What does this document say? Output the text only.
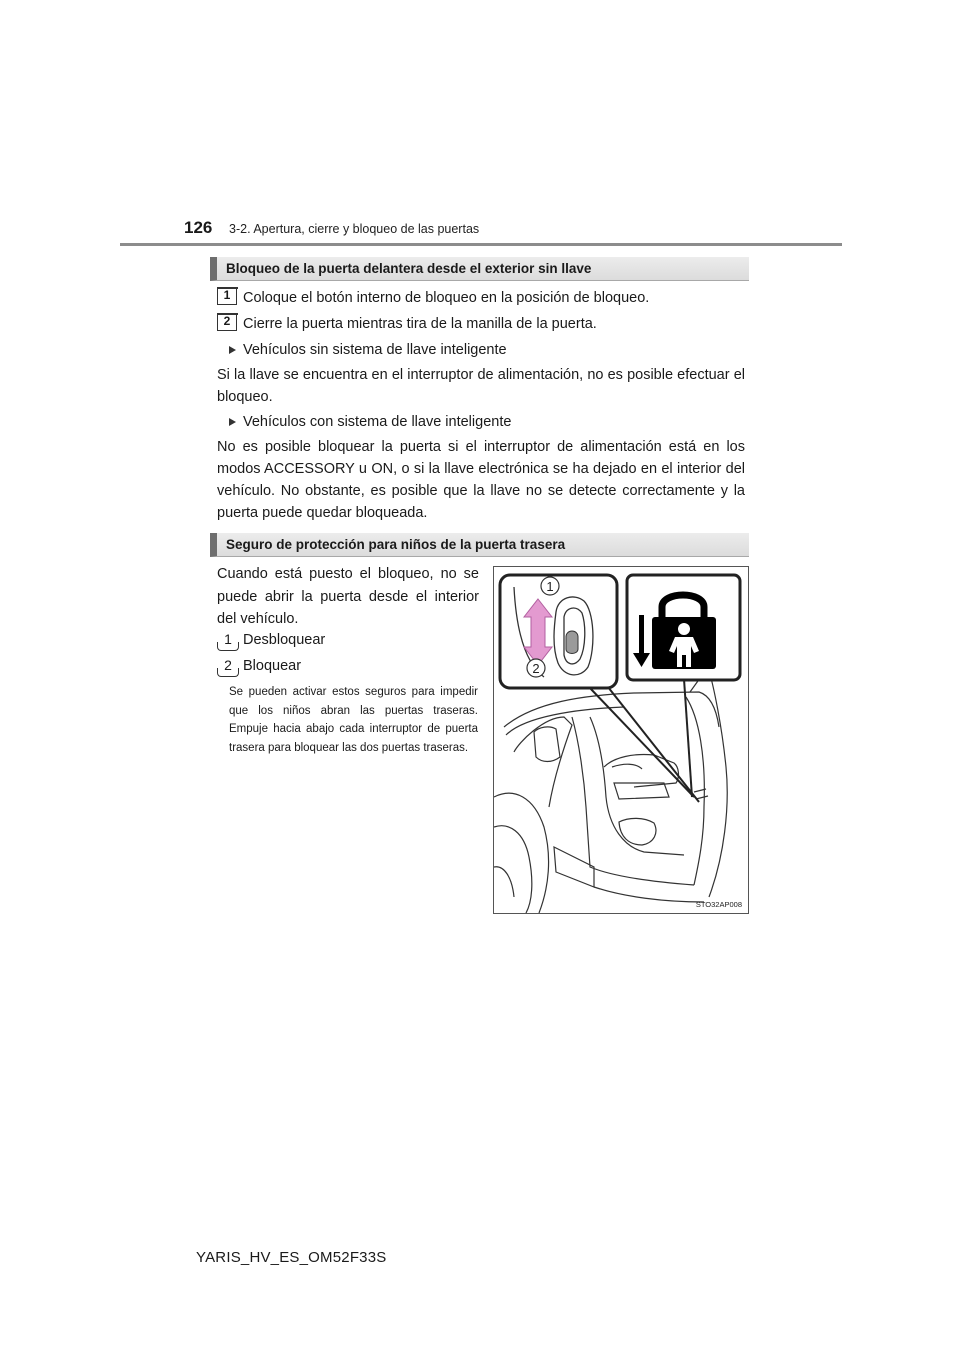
126 3-2. Apertura, cierre y bloqueo de las puertas
Bloqueo de la puerta delantera desde el exterior sin llave
1 Coloque el botón interno de bloqueo en la posición de bloqueo.
2 Cierre la puerta mientras tira de la manilla de la puerta.
Vehículos sin sistema de llave inteligente
Si la llave se encuentra en el interruptor de alimentación, no es posible efectuar el bloqueo.
Vehículos con sistema de llave inteligente
No es posible bloquear la puerta si el interruptor de alimentación está en los modos ACCESSORY u ON, o si la llave electrónica se ha dejado en el interior del vehículo. No obstante, es posible que la llave no se detecte correctamente y la puerta puede quedar bloqueada.
Seguro de protección para niños de la puerta trasera
Cuando está puesto el bloqueo, no se puede abrir la puerta desde el interior del vehículo.
1 Desbloquear
2 Bloquear
Se pueden activar estos seguros para impedir que los niños abran las puertas traseras. Empuje hacia abajo cada interruptor de puerta trasera para bloquear las dos puertas traseras.
1
2
STO32AP008
YARIS_HV_ES_OM52F33S
